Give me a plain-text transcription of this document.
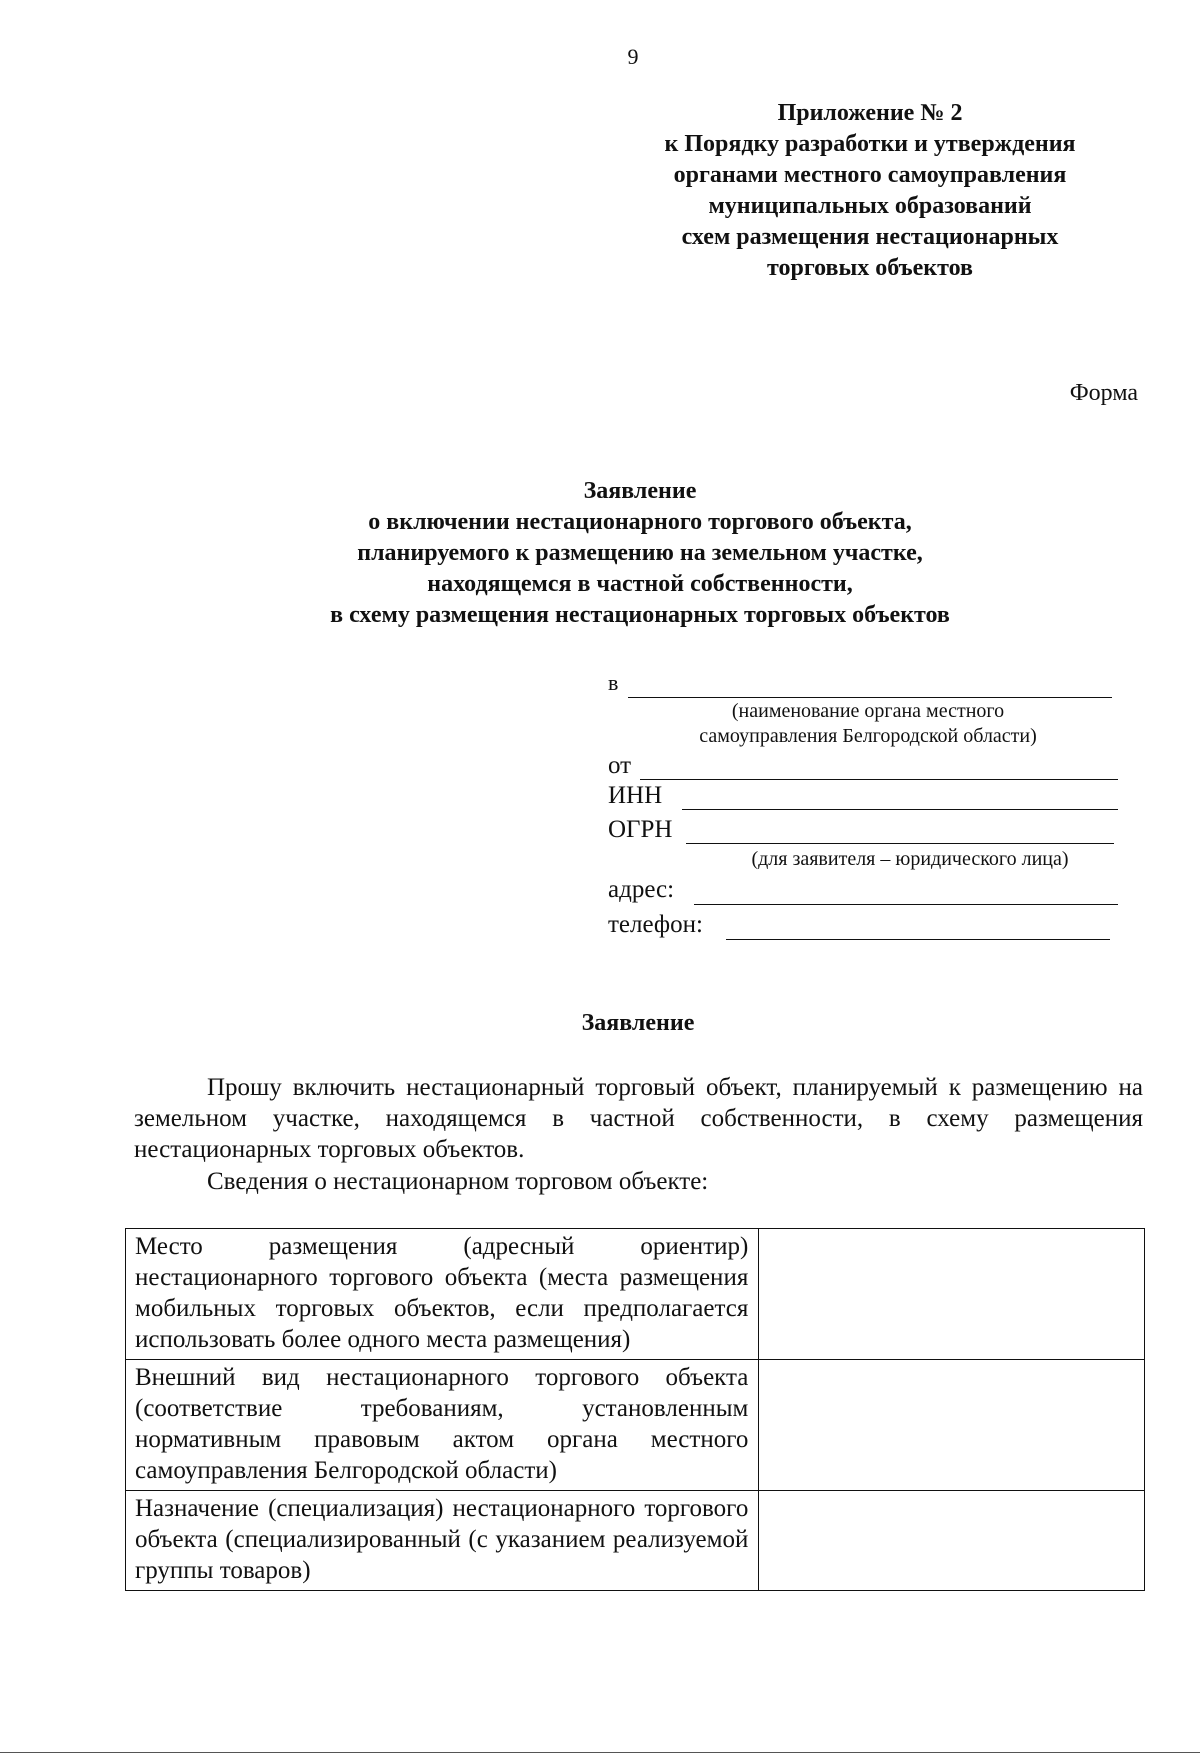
9
Приложение № 2
к Порядку разработки и утверждения
органами местного самоуправления
муниципальных образований
схем размещения нестационарных
торговых объектов
Форма
Заявление
о включении нестационарного торгового объекта,
планируемого к размещению на земельном участке,
находящемся в частной собственности,
в схему размещения нестационарных торговых объектов
в
(наименование органа местного
самоуправления Белгородской области)
от
ИНН
ОГРН
(для заявителя – юридического лица)
адрес:
телефон:
Заявление

Прошу включить нестационарный торговый объект, планируемый к размещению на земельном участке, находящемся в частной собственности, в схему размещения нестационарных торговых объектов.

Сведения о нестационарном торговом объекте:
Место размещения (адресный ориентир) нестационарного торгового объекта (места размещения мобильных торговых объектов, если предполагается использовать более одного места размещения)	
Внешний вид нестационарного торгового объекта (соответствие требованиям, установленным нормативным правовым актом органа местного самоуправления Белгородской области)	
Назначение (специализация) нестационарного торгового объекта (специализированный (с указанием реализуемой группы товаров)	
